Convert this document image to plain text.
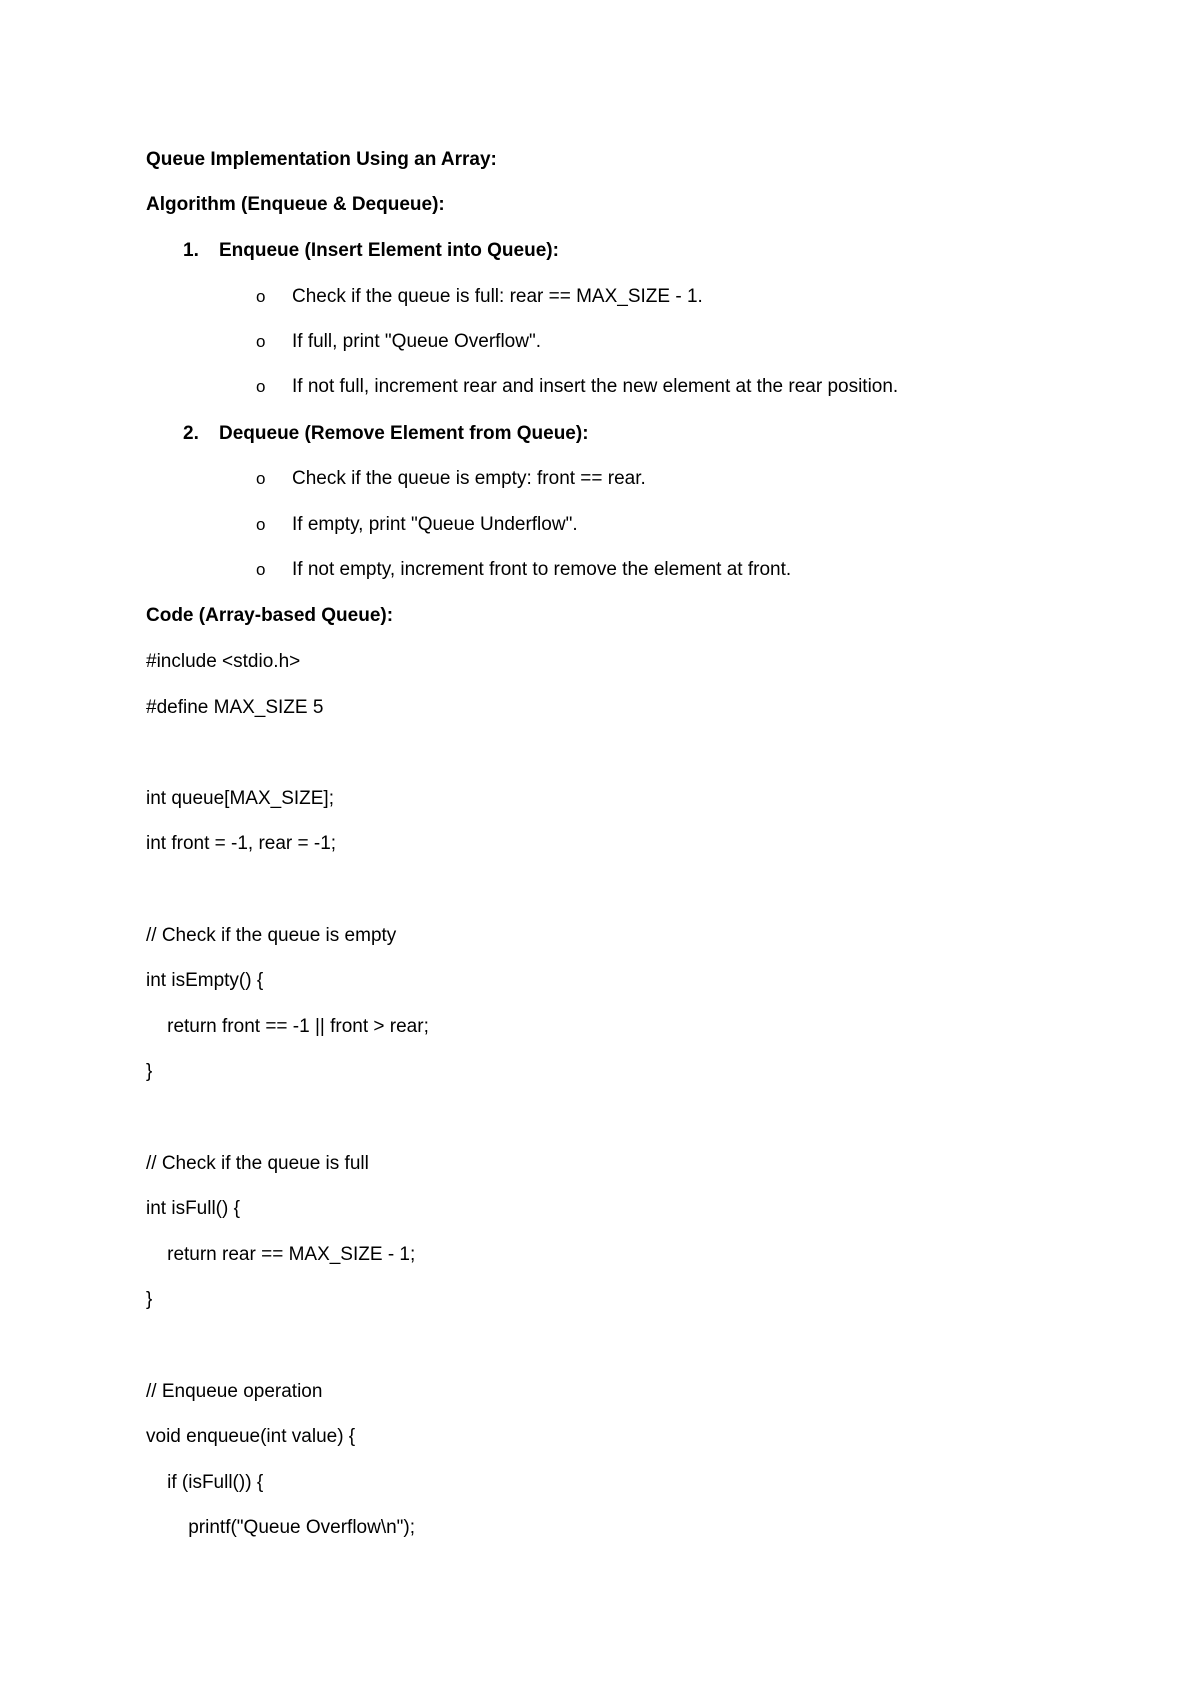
Queue Implementation Using an Array:
Algorithm (Enqueue & Dequeue):
1. Enqueue (Insert Element into Queue):
o Check if the queue is full: rear == MAX_SIZE - 1.
o If full, print "Queue Overflow".
o If not full, increment rear and insert the new element at the rear position.
2. Dequeue (Remove Element from Queue):
o Check if the queue is empty: front == rear.
o If empty, print "Queue Underflow".
o If not empty, increment front to remove the element at front.
Code (Array-based Queue):
#include <stdio.h>
#define MAX_SIZE 5
int queue[MAX_SIZE];
int front = -1, rear = -1;
// Check if the queue is empty
int isEmpty() {
return front == -1 || front > rear;
}
// Check if the queue is full
int isFull() {
return rear == MAX_SIZE - 1;
}
// Enqueue operation
void enqueue(int value) {
if (isFull()) {
printf("Queue Overflow\n");
